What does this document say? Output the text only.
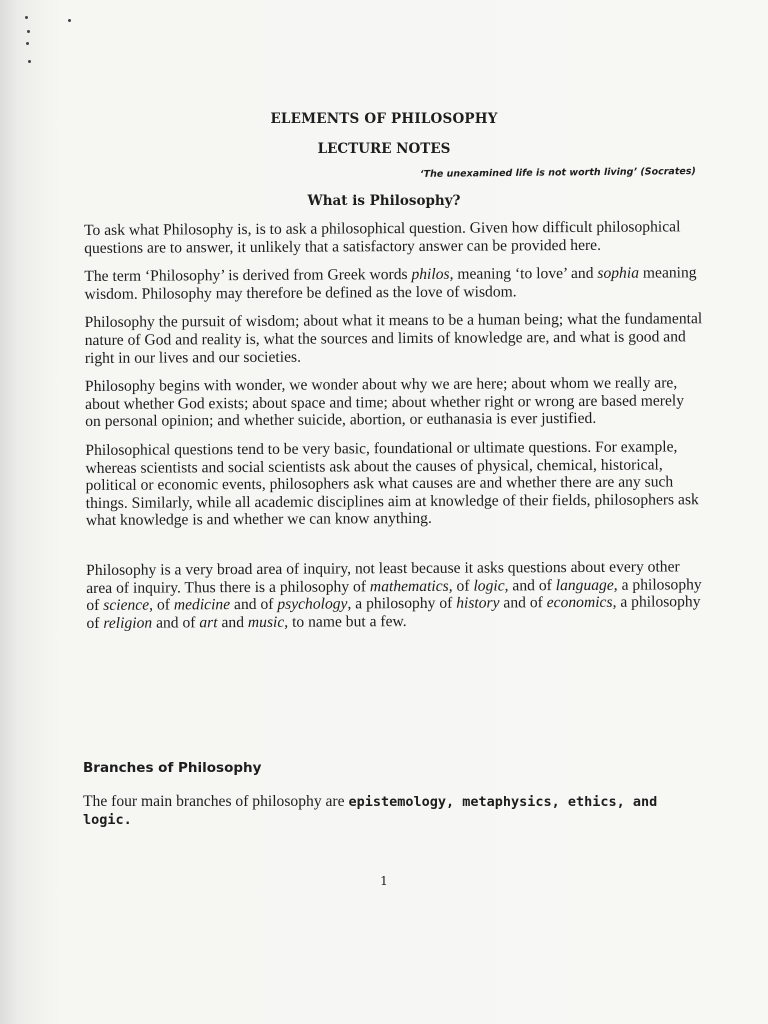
ELEMENTS OF PHILOSOPHY
LECTURE NOTES
‘The unexamined life is not worth living’ (Socrates)
What is Philosophy?

To ask what Philosophy is, is to ask a philosophical question. Given how difficult philosophical questions are to answer, it unlikely that a satisfactory answer can be provided here.

The term ‘Philosophy’ is derived from Greek words philos, meaning ‘to love’ and sophia meaning wisdom. Philosophy may therefore be defined as the love of wisdom.

Philosophy the pursuit of wisdom; about what it means to be a human being; what the fundamental nature of God and reality is, what the sources and limits of knowledge are, and what is good and right in our lives and our societies.

Philosophy begins with wonder, we wonder about why we are here; about whom we really are, about whether God exists; about space and time; about whether right or wrong are based merely on personal opinion; and whether suicide, abortion, or euthanasia is ever justified.

Philosophical questions tend to be very basic, foundational or ultimate questions. For example, whereas scientists and social scientists ask about the causes of physical, chemical, historical, political or economic events, philosophers ask what causes are and whether there are any such things. Similarly, while all academic disciplines aim at knowledge of their fields, philosophers ask what knowledge is and whether we can know anything.

Philosophy is a very broad area of inquiry, not least because it asks questions about every other area of inquiry. Thus there is a philosophy of mathematics, of logic, and of language, a philosophy of science, of medicine and of psychology, a philosophy of history and of economics, a philosophy of religion and of art and music, to name but a few.

Branches of Philosophy
The four main branches of philosophy are epistemology, metaphysics, ethics, and logic.
1
